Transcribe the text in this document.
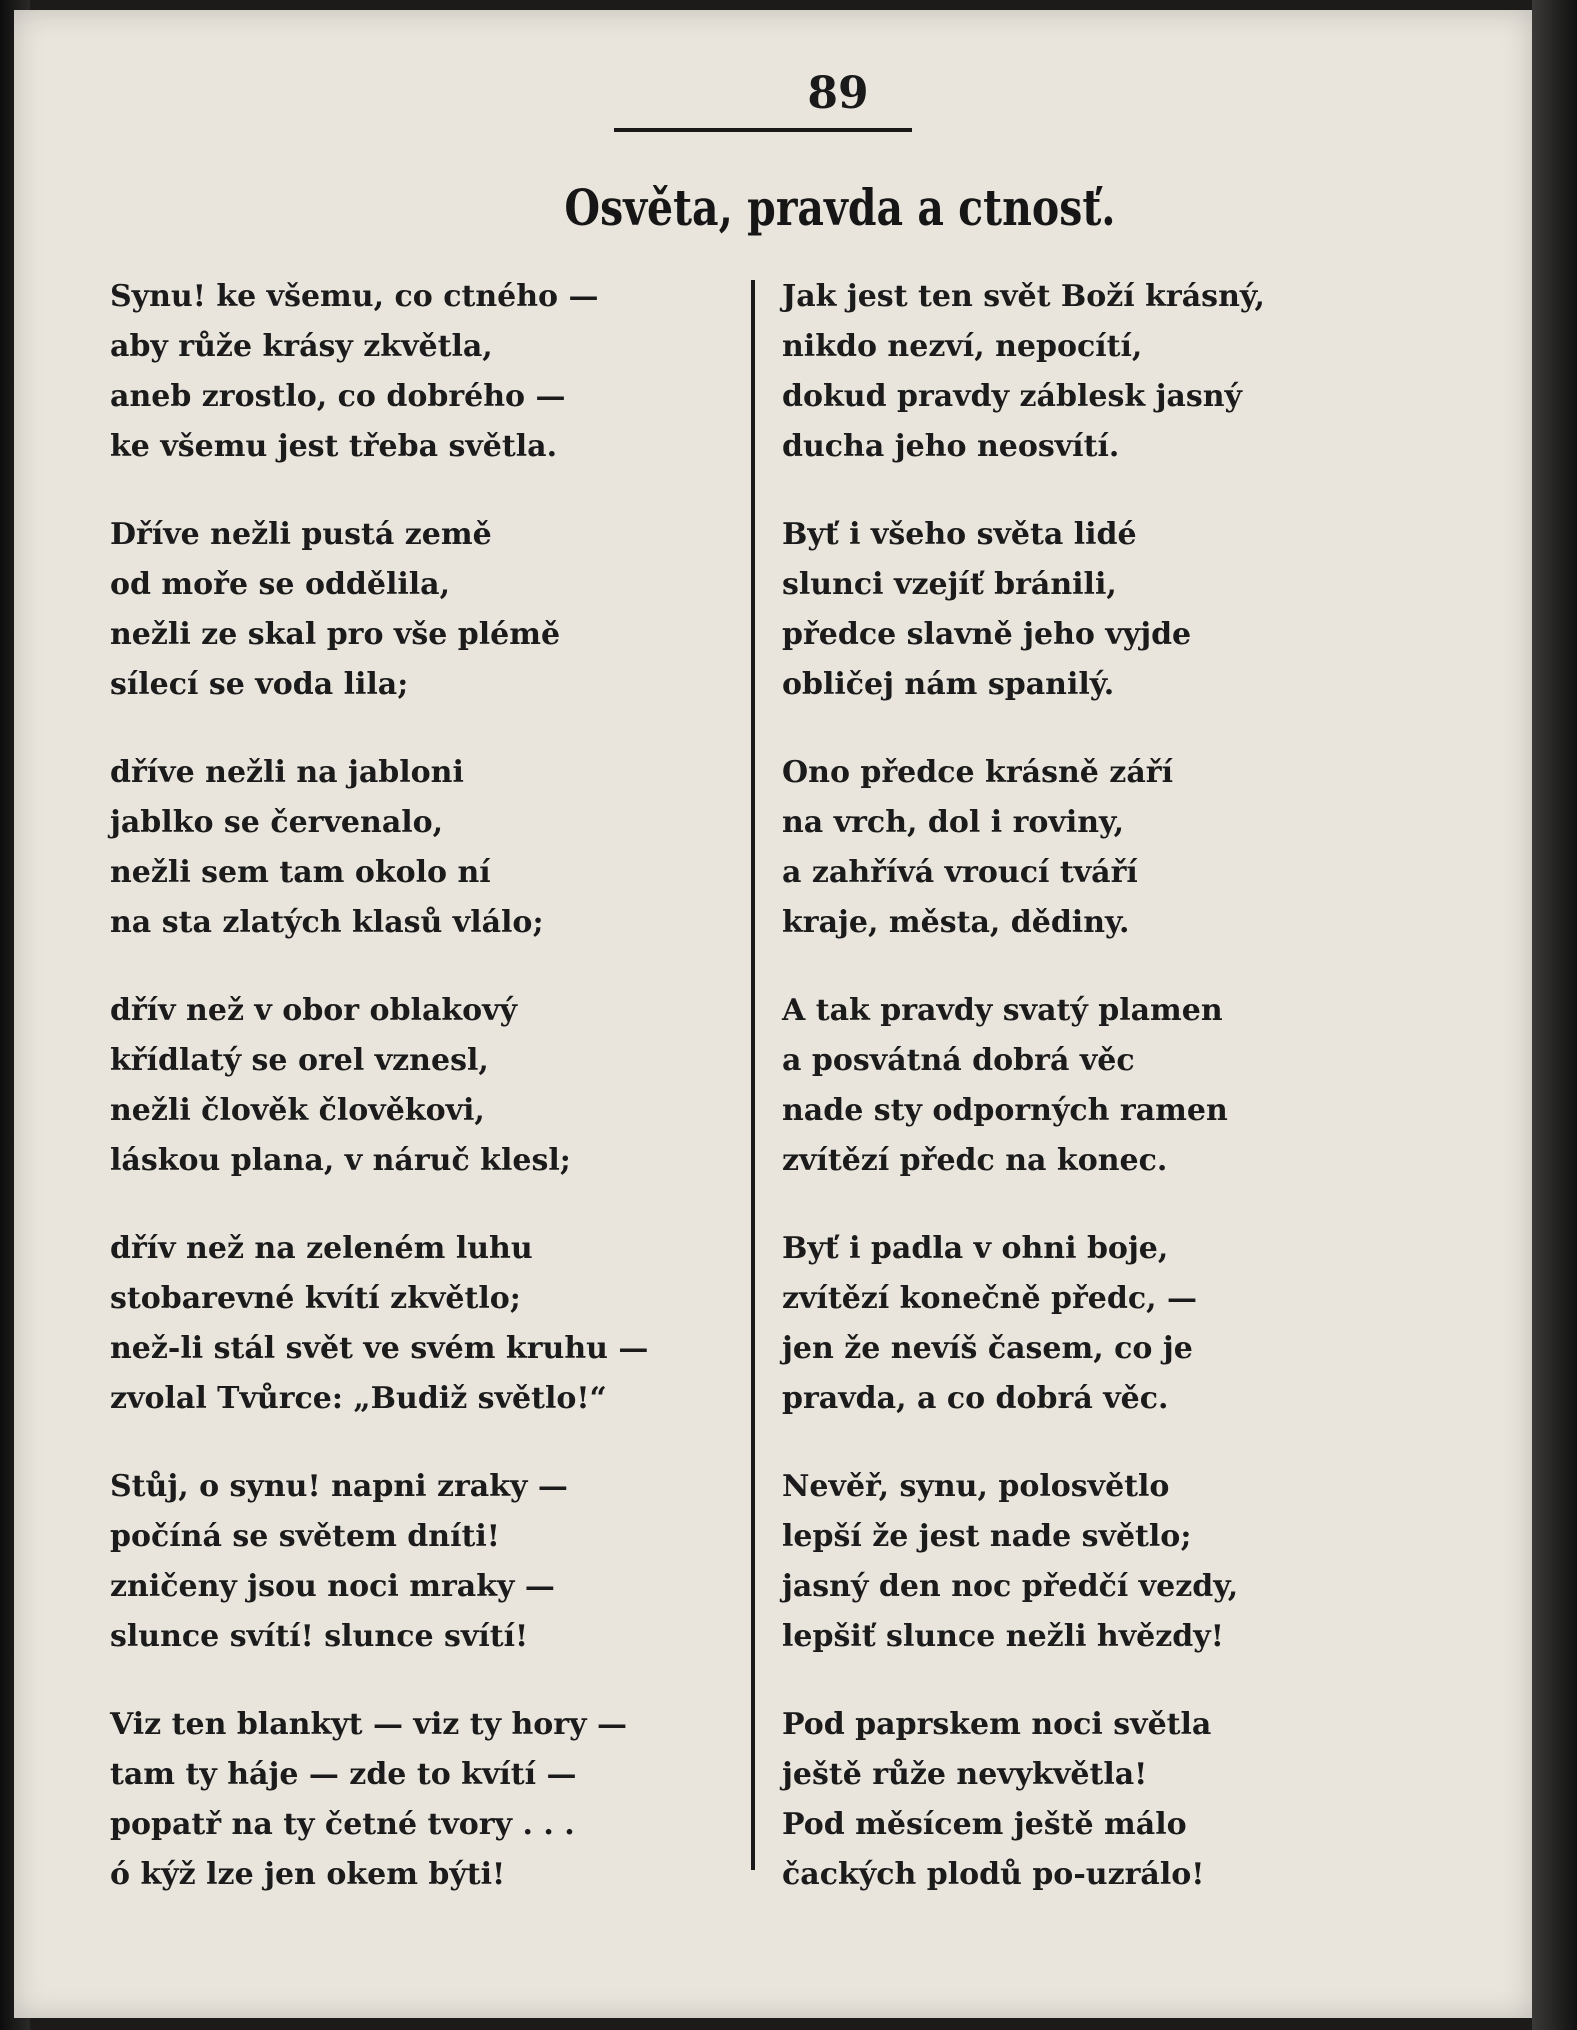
89
Osvěta, pravda a ctnosť.
Synu! ke všemu, co ctného —
aby růže krásy zkvětla,
aneb zrostlo, co dobrého —
ke všemu jest třeba světla.
Dříve nežli pustá země
od moře se oddělila,
nežli ze skal pro vše plémě
sílecí se voda lila;
dříve nežli na jabloni
jablko se červenalo,
nežli sem tam okolo ní
na sta zlatých klasů vlálo;
dřív než v obor oblakový
křídlatý se orel vznesl,
nežli člověk člověkovi,
láskou plana, v náruč klesl;
dřív než na zeleném luhu
stobarevné kvítí zkvětlo;
než-li stál svět ve svém kruhu —
zvolal Tvůrce: „Budiž světlo!“
Stůj, o synu! napni zraky —
počíná se světem dníti!
zničeny jsou noci mraky —
slunce svítí! slunce svítí!
Viz ten blankyt — viz ty hory —
tam ty háje — zde to kvítí —
popatř na ty četné tvory . . .
ó kýž lze jen okem býti!
Jak jest ten svět Boží krásný,
nikdo nezví, nepocítí,
dokud pravdy záblesk jasný
ducha jeho neosvítí.
Byť i všeho světa lidé
slunci vzejíť bránili,
předce slavně jeho vyjde
obličej nám spanilý.
Ono předce krásně září
na vrch, dol i roviny,
a zahřívá vroucí tváří
kraje, města, dědiny.
A tak pravdy svatý plamen
a posvátná dobrá věc
nade sty odporných ramen
zvítězí předc na konec.
Byť i padla v ohni boje,
zvítězí konečně předc, —
jen že nevíš časem, co je
pravda, a co dobrá věc.
Nevěř, synu, polosvětlo
lepší že jest nade světlo;
jasný den noc předčí vezdy,
lepšiť slunce nežli hvězdy!
Pod paprskem noci světla
ještě růže nevykvětla!
Pod měsícem ještě málo
čackých plodů po-uzrálo!
